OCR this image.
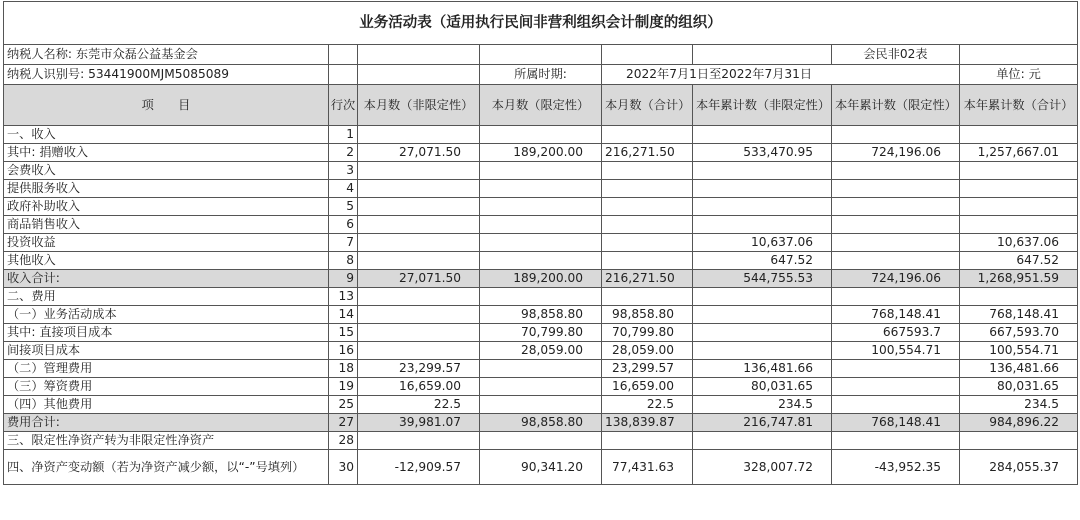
业务活动表（适用执行民间非营利组织会计制度的组织）							
纳税人名称: 东莞市众磊公益基金会						会民非02表	
纳税人识别号: 53441900MJM5085089			所属时期:	2022年7月1日至2022年7月31日			单位: 元
项　　目	行次	本月数（非限定性）	本月数（限定性）	本月数（合计）	本年累计数（非限定性）	本年累计数（限定性）	本年累计数（合计）
一、收入	1						
其中: 捐赠收入	2	27,071.50	189,200.00	216,271.50	533,470.95	724,196.06	1,257,667.01
会费收入	3						
提供服务收入	4						
政府补助收入	5						
商品销售收入	6						
投资收益	7				10,637.06		10,637.06
其他收入	8				647.52		647.52
收入合计:	9	27,071.50	189,200.00	216,271.50	544,755.53	724,196.06	1,268,951.59
二、费用	13						
（一）业务活动成本	14		98,858.80	98,858.80		768,148.41	768,148.41
其中: 直接项目成本	15		70,799.80	70,799.80		667593.7	667,593.70
间接项目成本	16		28,059.00	28,059.00		100,554.71	100,554.71
（二）管理费用	18	23,299.57		23,299.57	136,481.66		136,481.66
（三）筹资费用	19	16,659.00		16,659.00	80,031.65		80,031.65
（四）其他费用	25	22.5		22.5	234.5		234.5
费用合计:	27	39,981.07	98,858.80	138,839.87	216,747.81	768,148.41	984,896.22
三、限定性净资产转为非限定性净资产	28						
四、净资产变动额（若为净资产减少额，以“-”号填列）	30	-12,909.57	90,341.20	77,431.63	328,007.72	-43,952.35	284,055.37
